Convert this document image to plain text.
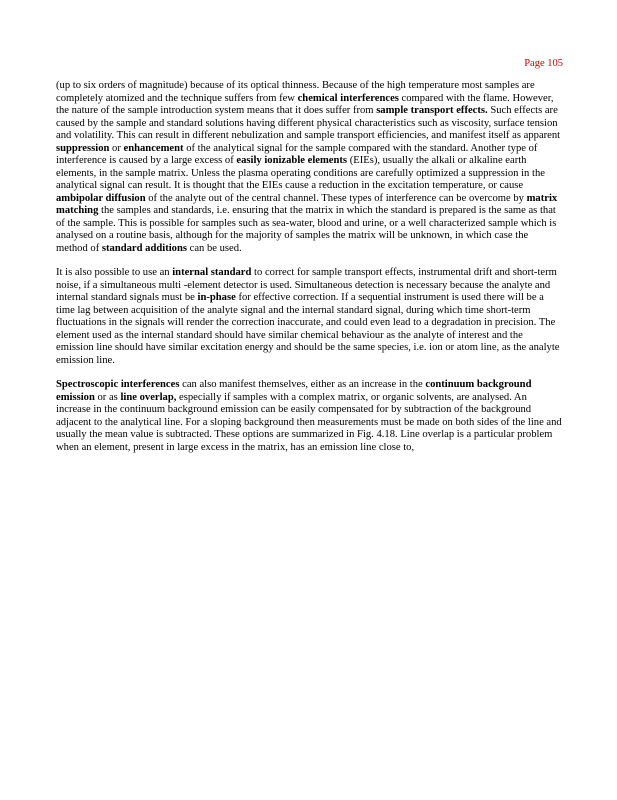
Page 105

(up to six orders of magnitude) because of its optical thinness. Because of the high temperature most samples are completely atomized and the technique suffers from few chemical interferences compared with the flame. However, the nature of the sample introduction system means that it does suffer from sample transport effects. Such effects are caused by the sample and standard solutions having different physical characteristics such as viscosity, surface tension and volatility. This can result in different nebulization and sample transport efficiencies, and manifest itself as apparent suppression or enhancement of the analytical signal for the sample compared with the standard. Another type of interference is caused by a large excess of easily ionizable elements (EIEs), usually the alkali or alkaline earth elements, in the sample matrix. Unless the plasma operating conditions are carefully optimized a suppression in the analytical signal can result. It is thought that the EIEs cause a reduction in the excitation temperature, or cause ambipolar diffusion of the analyte out of the central channel. These types of interference can be overcome by matrix matching the samples and standards, i.e. ensuring that the matrix in which the standard is prepared is the same as that of the sample. This is possible for samples such as sea-water, blood and urine, or a well characterized sample which is analysed on a routine basis, although for the majority of samples the matrix will be unknown, in which case the method of standard additions can be used.

It is also possible to use an internal standard to correct for sample transport effects, instrumental drift and short-term noise, if a simultaneous multi -element detector is used. Simultaneous detection is necessary because the analyte and internal standard signals must be in-phase for effective correction. If a sequential instrument is used there will be a time lag between acquisition of the analyte signal and the internal standard signal, during which time short-term fluctuations in the signals will render the correction inaccurate, and could even lead to a degradation in precision. The element used as the internal standard should have similar chemical behaviour as the analyte of interest and the emission line should have similar excitation energy and should be the same species, i.e. ion or atom line, as the analyte emission line.

Spectroscopic interferences can also manifest themselves, either as an increase in the continuum background emission or as line overlap, especially if samples with a complex matrix, or organic solvents, are analysed. An increase in the continuum background emission can be easily compensated for by subtraction of the background adjacent to the analytical line. For a sloping background then measurements must be made on both sides of the line and usually the mean value is subtracted. These options are summarized in Fig. 4.18. Line overlap is a particular problem when an element, present in large excess in the matrix, has an emission line close to,
